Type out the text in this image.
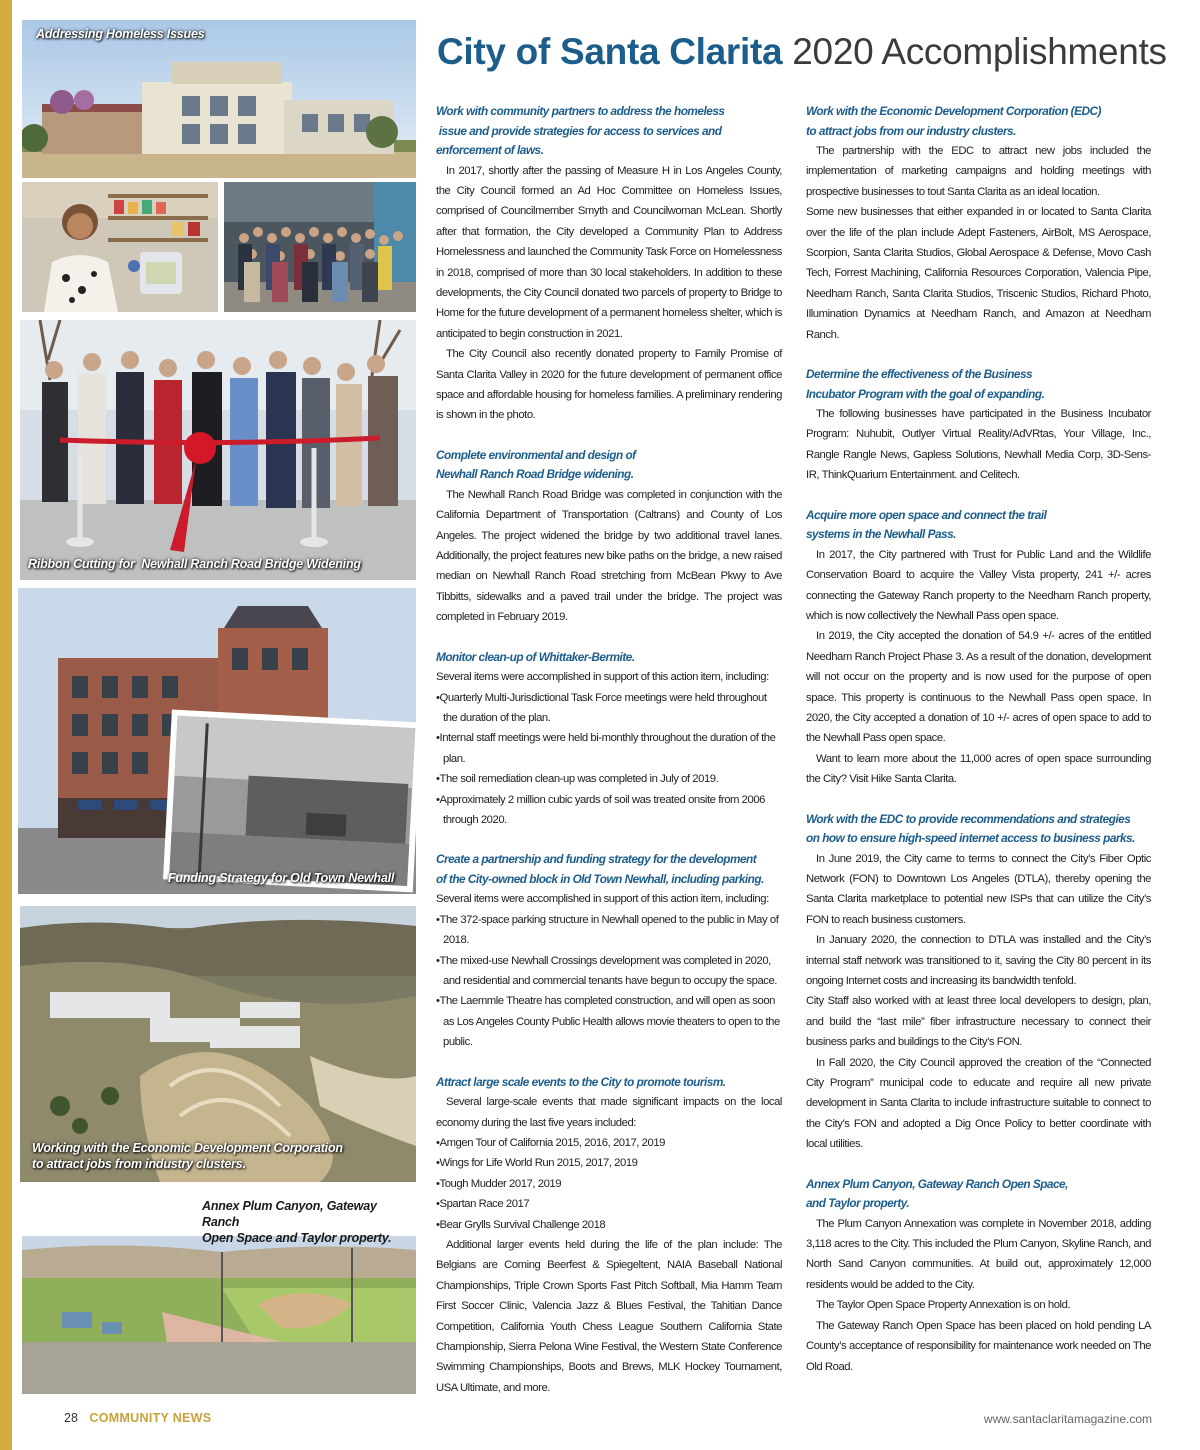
Addressing Homeless Issues
Ribbon Cutting for  Newhall Ranch Road Bridge Widening
Funding Strategy for Old Town Newhall
Working with the Economic Development Corporation
to attract jobs from industry clusters.
Annex Plum Canyon, Gateway Ranch
Open Space and Taylor property.
City of Santa Clarita 2020 Accomplishments
Work with community partners to address the homeless
issue and provide strategies for access to services and
enforcement of laws.
In 2017, shortly after the passing of Measure H in Los Angeles County, the City Council formed an Ad Hoc Committee on Homeless Issues, comprised of Councilmember Smyth and Councilwoman McLean. Shortly after that formation, the City developed a Community Plan to Address Homelessness and launched the Community Task Force on Homelessness in 2018, comprised of more than 30 local stakeholders. In addition to these developments, the City Council donated two parcels of property to Bridge to Home for the future development of a permanent homeless shelter, which is anticipated to begin construction in 2021.
The City Council also recently donated property to Family Promise of Santa Clarita Valley in 2020 for the future development of permanent office space and affordable housing for homeless families. A preliminary rendering is shown in the photo.
Complete environmental and design of
Newhall Ranch Road Bridge widening.
The Newhall Ranch Road Bridge was completed in conjunction with the California Department of Transportation (Caltrans) and County of Los Angeles. The project widened the bridge by two additional travel lanes. Additionally, the project features new bike paths on the bridge, a new raised median on Newhall Ranch Road stretching from McBean Pkwy to Ave Tibbitts, sidewalks and a paved trail under the bridge. The project was completed in February 2019.
Monitor clean-up of Whittaker-Bermite.
Several items were accomplished in support of this action item, including:
• Quarterly Multi-Jurisdictional Task Force meetings were held throughout the duration of the plan.
• Internal staff meetings were held bi-monthly throughout the duration of the plan.
• The soil remediation clean-up was completed in July of 2019.
• Approximately 2 million cubic yards of soil was treated onsite from 2006 through 2020.
Create a partnership and funding strategy for the development
of the City-owned block in Old Town Newhall, including parking.
Several items were accomplished in support of this action item, including:
• The 372-space parking structure in Newhall opened to the public in May of 2018.
• The mixed-use Newhall Crossings development was completed in 2020, and residential and commercial tenants have begun to occupy the space.
• The Laemmle Theatre has completed construction, and will open as soon as Los Angeles County Public Health allows movie theaters to open to the public.
Attract large scale events to the City to promote tourism.
Several large-scale events that made significant impacts on the local economy during the last five years included:
• Amgen Tour of California 2015, 2016, 2017, 2019
• Wings for Life World Run 2015, 2017, 2019
• Tough Mudder 2017, 2019
• Spartan Race 2017
• Bear Grylls Survival Challenge 2018
Additional larger events held during the life of the plan include: The Belgians are Coming Beerfest & Spiegeltent, NAIA Baseball National Championships, Triple Crown Sports Fast Pitch Softball, Mia Hamm Team First Soccer Clinic, Valencia Jazz & Blues Festival, the Tahitian Dance Competition, California Youth Chess League Southern California State Championship, Sierra Pelona Wine Festival, the Western State Conference Swimming Championships, Boots and Brews, MLK Hockey Tournament, USA Ultimate, and more.
Work with the Economic Development Corporation (EDC)
to attract jobs from our industry clusters.
The partnership with the EDC to attract new jobs included the implementation of marketing campaigns and holding meetings with prospective businesses to tout Santa Clarita as an ideal location.
Some new businesses that either expanded in or located to Santa Clarita over the life of the plan include Adept Fasteners, AirBolt, MS Aerospace, Scorpion, Santa Clarita Studios, Global Aerospace & Defense, Movo Cash Tech, Forrest Machining, California Resources Corporation, Valencia Pipe, Needham Ranch, Santa Clarita Studios, Triscenic Studios, Richard Photo, Illumination Dynamics at Needham Ranch, and Amazon at Needham Ranch.
Determine the effectiveness of the Business
Incubator Program with the goal of expanding.
The following businesses have participated in the Business Incubator Program: Nuhubit, Outlyer Virtual Reality/AdVRtas, Your Village, Inc., Rangle Rangle News, Gapless Solutions, Newhall Media Corp, 3D-Sens-IR, ThinkQuarium Entertainment. and Celitech.
Acquire more open space and connect the trail
systems in the Newhall Pass.
In 2017, the City partnered with Trust for Public Land and the Wildlife Conservation Board to acquire the Valley Vista property, 241 +/- acres connecting the Gateway Ranch property to the Needham Ranch property, which is now collectively the Newhall Pass open space.
In 2019, the City accepted the donation of 54.9 +/- acres of the entitled Needham Ranch Project Phase 3. As a result of the donation, development will not occur on the property and is now used for the purpose of open space. This property is continuous to the Newhall Pass open space. In 2020, the City accepted a donation of 10 +/- acres of open space to add to the Newhall Pass open space.
Want to learn more about the 11,000 acres of open space surrounding the City? Visit Hike Santa Clarita.
Work with the EDC to provide recommendations and strategies
on how to ensure high-speed internet access to business parks.
In June 2019, the City came to terms to connect the City’s Fiber Optic Network (FON) to Downtown Los Angeles (DTLA), thereby opening the Santa Clarita marketplace to potential new ISPs that can utilize the City’s FON to reach business customers.
In January 2020, the connection to DTLA was installed and the City’s internal staff network was transitioned to it, saving the City 80 percent in its ongoing Internet costs and increasing its bandwidth tenfold.
City Staff also worked with at least three local developers to design, plan, and build the “last mile” fiber infrastructure necessary to connect their business parks and buildings to the City’s FON.
In Fall 2020, the City Council approved the creation of the “Connected City Program” municipal code to educate and require all new private development in Santa Clarita to include infrastructure suitable to connect to the City’s FON and adopted a Dig Once Policy to better coordinate with local utilities.
Annex Plum Canyon, Gateway Ranch Open Space,
and Taylor property.
The Plum Canyon Annexation was complete in November 2018, adding 3,118 acres to the City. This included the Plum Canyon, Skyline Ranch, and North Sand Canyon communities. At build out, approximately 12,000 residents would be added to the City.
The Taylor Open Space Property Annexation is on hold.
The Gateway Ranch Open Space has been placed on hold pending LA County’s acceptance of responsibility for maintenance work needed on The Old Road.
28 COMMUNITY NEWS	www.santaclaritamagazine.com
